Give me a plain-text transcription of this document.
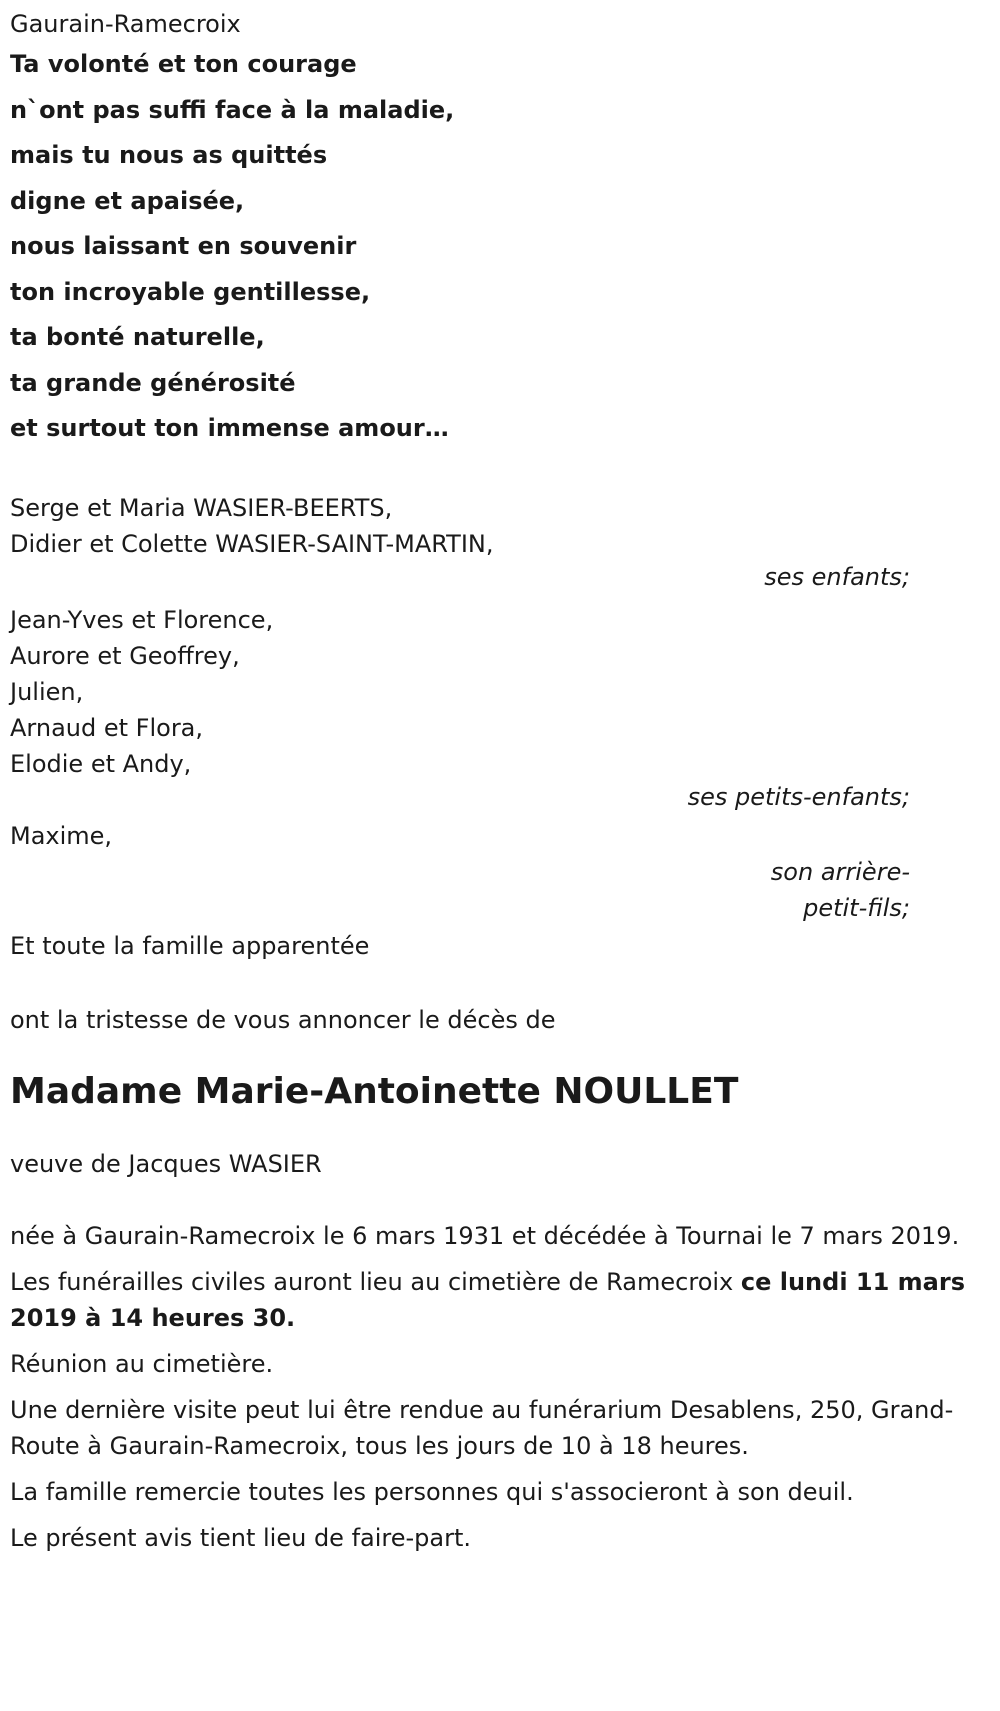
Gaurain-Ramecroix
Ta volonté et ton courage
n`ont pas suffi face à la maladie,
mais tu nous as quittés
digne et apaisée,
nous laissant en souvenir
ton incroyable gentillesse,
ta bonté naturelle,
ta grande générosité
et surtout ton immense amour…
Serge et Maria WASIER-BEERTS,
Didier et Colette WASIER-SAINT-MARTIN,
ses enfants;
Jean-Yves et Florence,
Aurore et Geoffrey,
Julien,
Arnaud et Flora,
Elodie et Andy,
ses petits-enfants;
Maxime,
son arrière-
petit-fils;
Et toute la famille apparentée
ont la tristesse de vous annoncer le décès de
Madame Marie-Antoinette NOULLET
veuve de Jacques WASIER

née à Gaurain-Ramecroix le 6 mars 1931 et décédée à Tournai le 7 mars 2019.

Les funérailles civiles auront lieu au cimetière de Ramecroix ce lundi 11 mars 2019 à 14 heures 30.

Réunion au cimetière.

Une dernière visite peut lui être rendue au funérarium Desablens, 250, Grand-Route à Gaurain-Ramecroix, tous les jours de 10 à 18 heures.

La famille remercie toutes les personnes qui s'associeront à son deuil.

Le présent avis tient lieu de faire-part.
